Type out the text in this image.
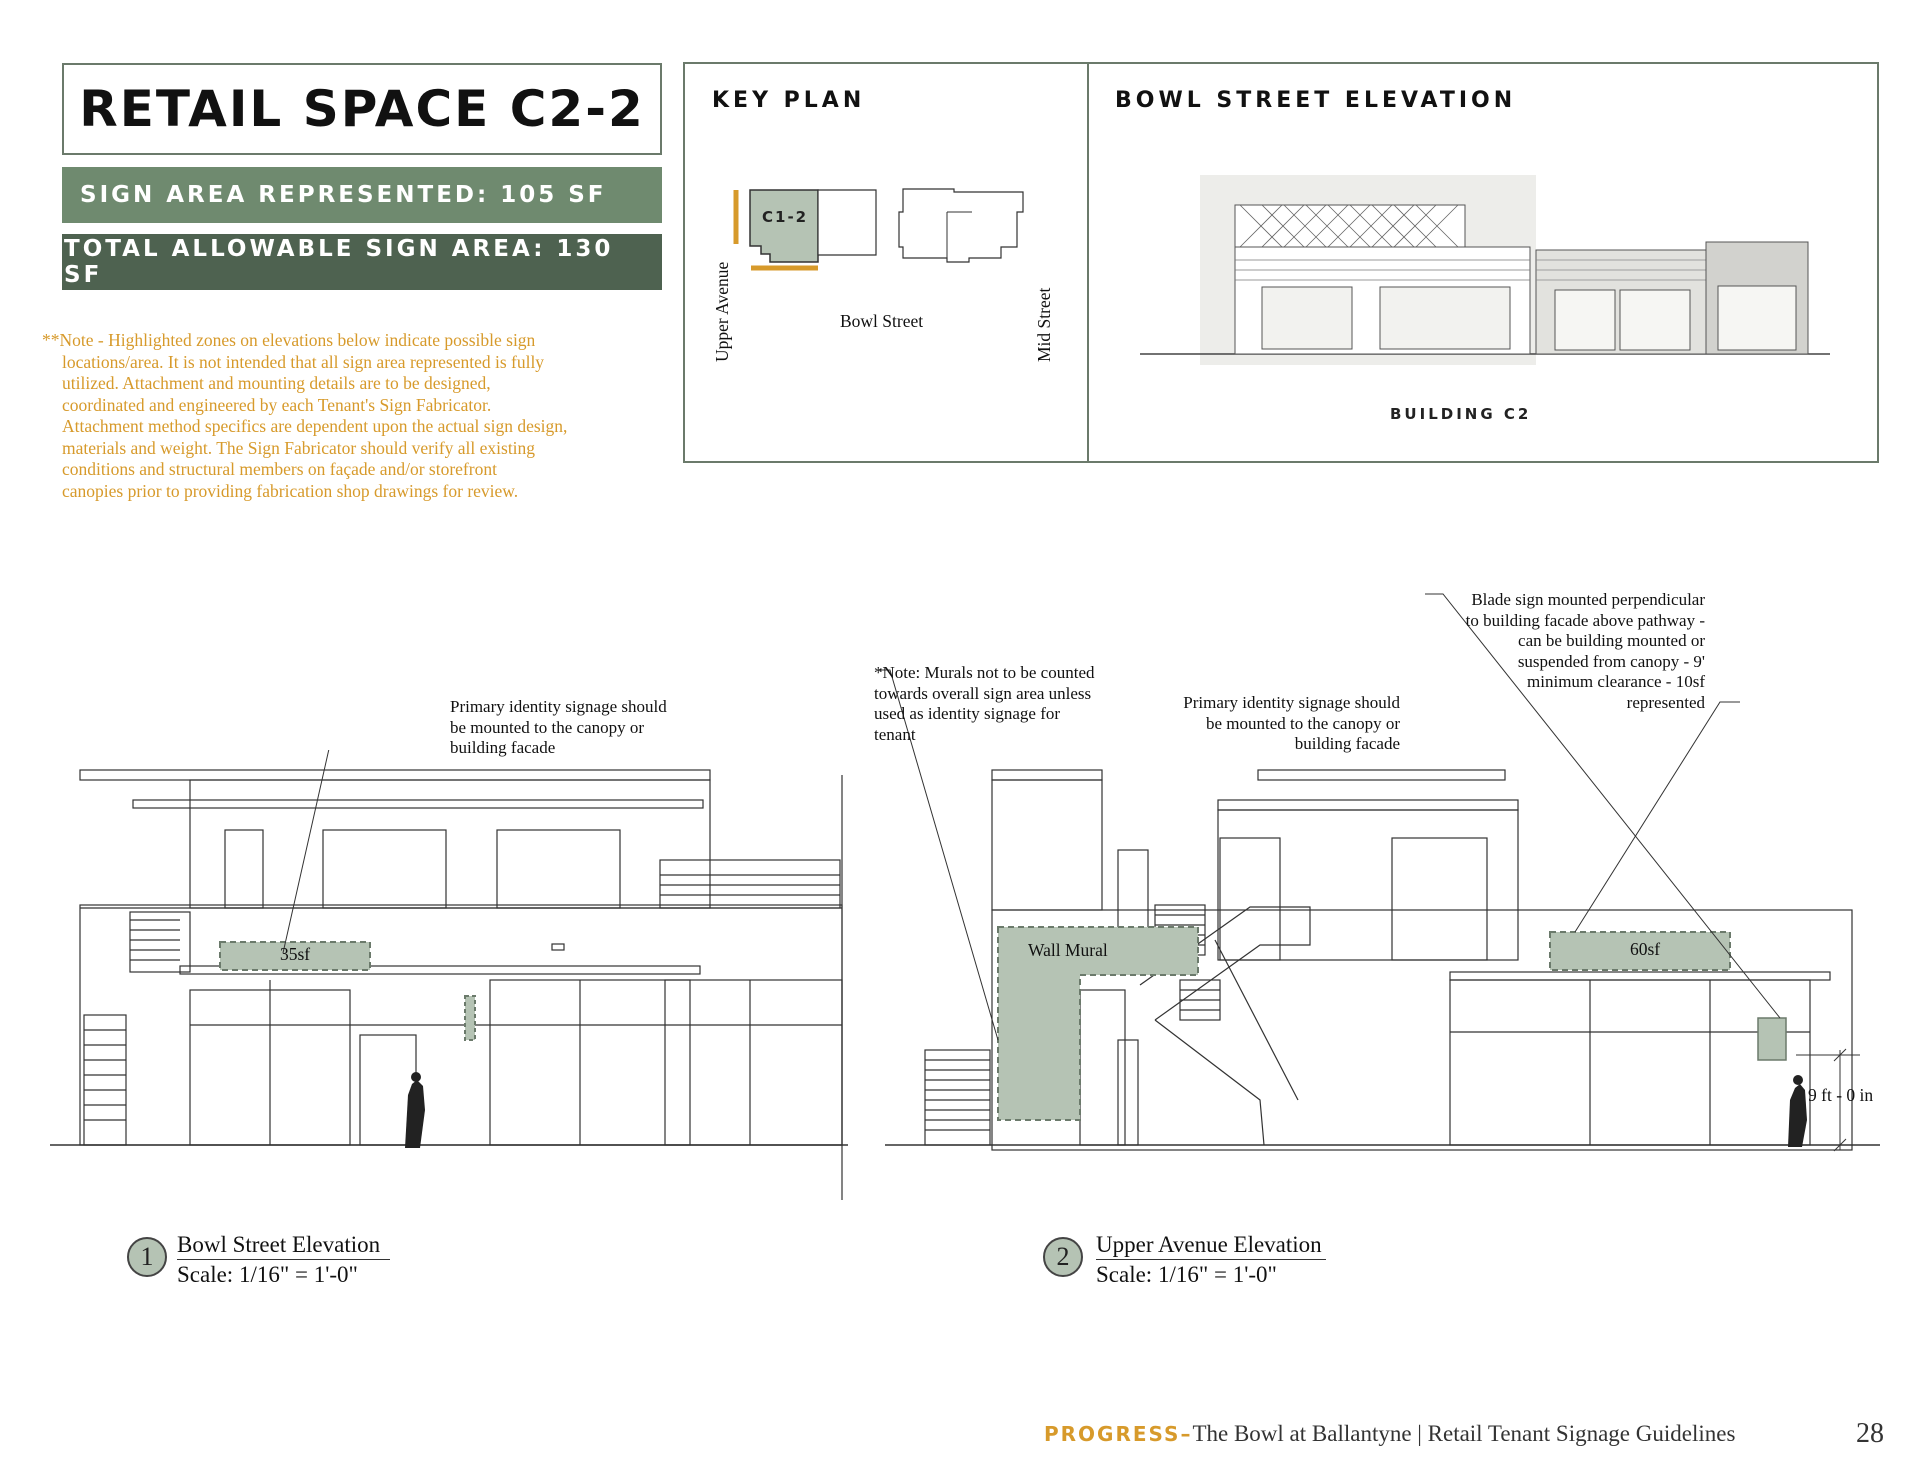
RETAIL SPACE C2-2
SIGN AREA REPRESENTED: 105 SF
TOTAL ALLOWABLE SIGN AREA: 130 SF
**Note - Highlighted zones on elevations below indicate possible sign
locations/area. It is not intended that all sign area represented is fully
utilized. Attachment and mounting details are to be designed,
coordinated and engineered by each Tenant's Sign Fabricator.
Attachment method specifics are dependent upon the actual sign design,
materials and weight. The Sign Fabricator should verify all existing
conditions and structural members on façade and/or storefront
canopies prior to providing fabrication shop drawings for review.
KEY PLAN	BOWL STREET ELEVATION
C1-2
Upper Avenue	Bowl Street	Mid Street
BUILDING C2
Primary identity signage should
be mounted to the canopy or
building facade
35sf
*Note: Murals not to be counted
towards overall sign area unless
used as identity signage for
tenant
Primary identity signage should
be mounted to the canopy or
building facade
Blade sign mounted perpendicular
to building facade above pathway -
can be building mounted or
suspended from canopy - 9'
minimum clearance - 10sf
represented
Wall Mural	60sf
9 ft - 0 in
1	Bowl Street Elevation
Scale: 1/16" = 1'-0"
2	Upper Avenue Elevation
Scale: 1/16" = 1'-0"
PROGRESS– The Bowl at Ballantyne | Retail Tenant Signage Guidelines	28
